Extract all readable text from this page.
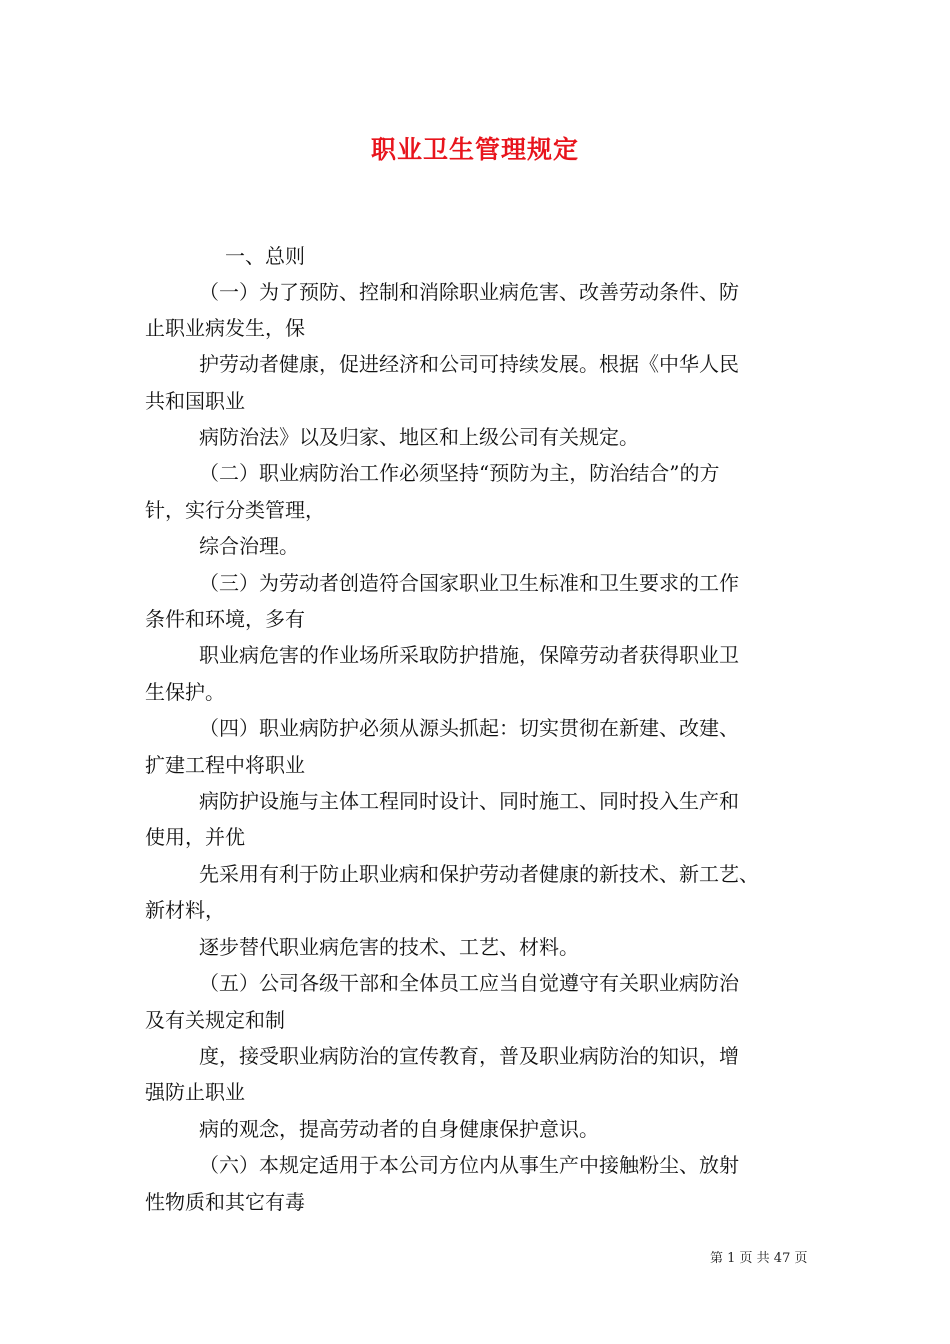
职业卫生管理规定
一、总则
（一）为了预防、控制和消除职业病危害、改善劳动条件、防
止职业病发生，保
护劳动者健康，促进经济和公司可持续发展。根据《中华人民
共和国职业
病防治法》以及归家、地区和上级公司有关规定。
（二）职业病防治工作必须坚持“预防为主，防治结合”的方
针，实行分类管理，
综合治理。
（三）为劳动者创造符合国家职业卫生标准和卫生要求的工作
条件和环境，多有
职业病危害的作业场所采取防护措施，保障劳动者获得职业卫
生保护。
（四）职业病防护必须从源头抓起：切实贯彻在新建、改建、
扩建工程中将职业
病防护设施与主体工程同时设计、同时施工、同时投入生产和
使用，并优
先采用有利于防止职业病和保护劳动者健康的新技术、新工艺、
新材料，
逐步替代职业病危害的技术、工艺、材料。
（五）公司各级干部和全体员工应当自觉遵守有关职业病防治
及有关规定和制
度，接受职业病防治的宣传教育，普及职业病防治的知识，增
强防止职业
病的观念，提高劳动者的自身健康保护意识。
（六）本规定适用于本公司方位内从事生产中接触粉尘、放射
性物质和其它有毒
第 1 页 共 47 页
